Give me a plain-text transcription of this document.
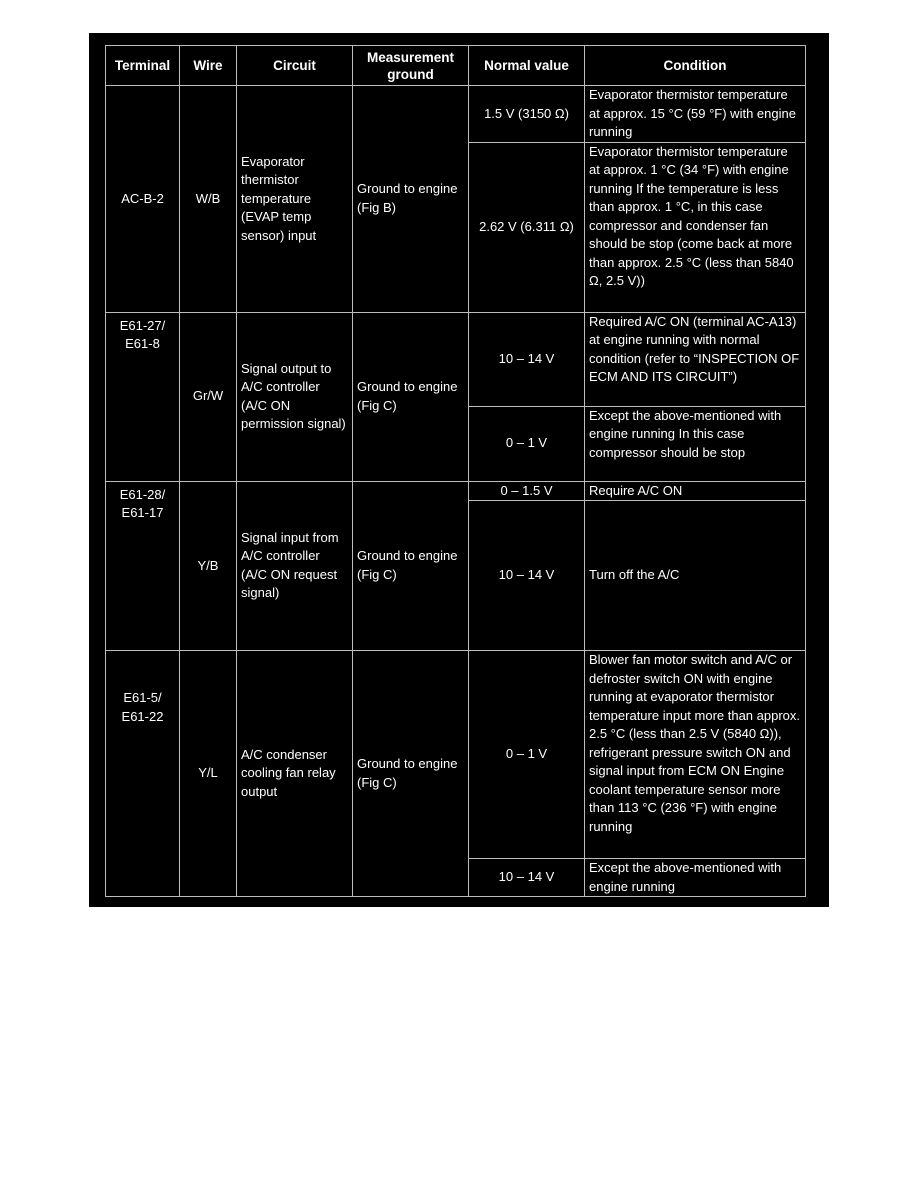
Terminal	Wire	Circuit	Measurement ground	Normal value	Condition
AC-B-2	W/B	Evaporator thermistor temperature (EVAP temp sensor) input	Ground to engine (Fig B)	1.5 V (3150 Ω)	Evaporator thermistor temperature at approx. 15 °C (59 °F) with engine running
				2.62 V (6.311 Ω)	Evaporator thermistor temperature at approx. 1 °C (34 °F) with engine running If the temperature is less than approx. 1 °C, in this case compressor and condenser fan should be stop (come back at more than approx. 2.5 °C (less than 5840 Ω, 2.5 V))
E61-27/ E61-8	Gr/W	Signal output to A/C controller (A/C ON permission signal)	Ground to engine (Fig C)	10 – 14 V	Required A/C ON (terminal AC-A13) at engine running with normal condition (refer to “INSPECTION OF ECM AND ITS CIRCUIT”)
				0 – 1 V	Except the above-mentioned with engine running In this case compressor should be stop
E61-28/ E61-17	Y/B	Signal input from A/C controller (A/C ON request signal)	Ground to engine (Fig C)	0 – 1.5 V	Require A/C ON
				10 – 14 V	Turn off the A/C
E61-5/ E61-22	Y/L	A/C condenser cooling fan relay output	Ground to engine (Fig C)	0 – 1 V	Blower fan motor switch and A/C or defroster switch ON with engine running at evaporator thermistor temperature input more than approx. 2.5 °C (less than 2.5 V (5840 Ω)), refrigerant pressure switch ON and signal input from ECM ON Engine coolant temperature sensor more than 113 °C (236 °F) with engine running
				10 – 14 V	Except the above-mentioned with engine running
